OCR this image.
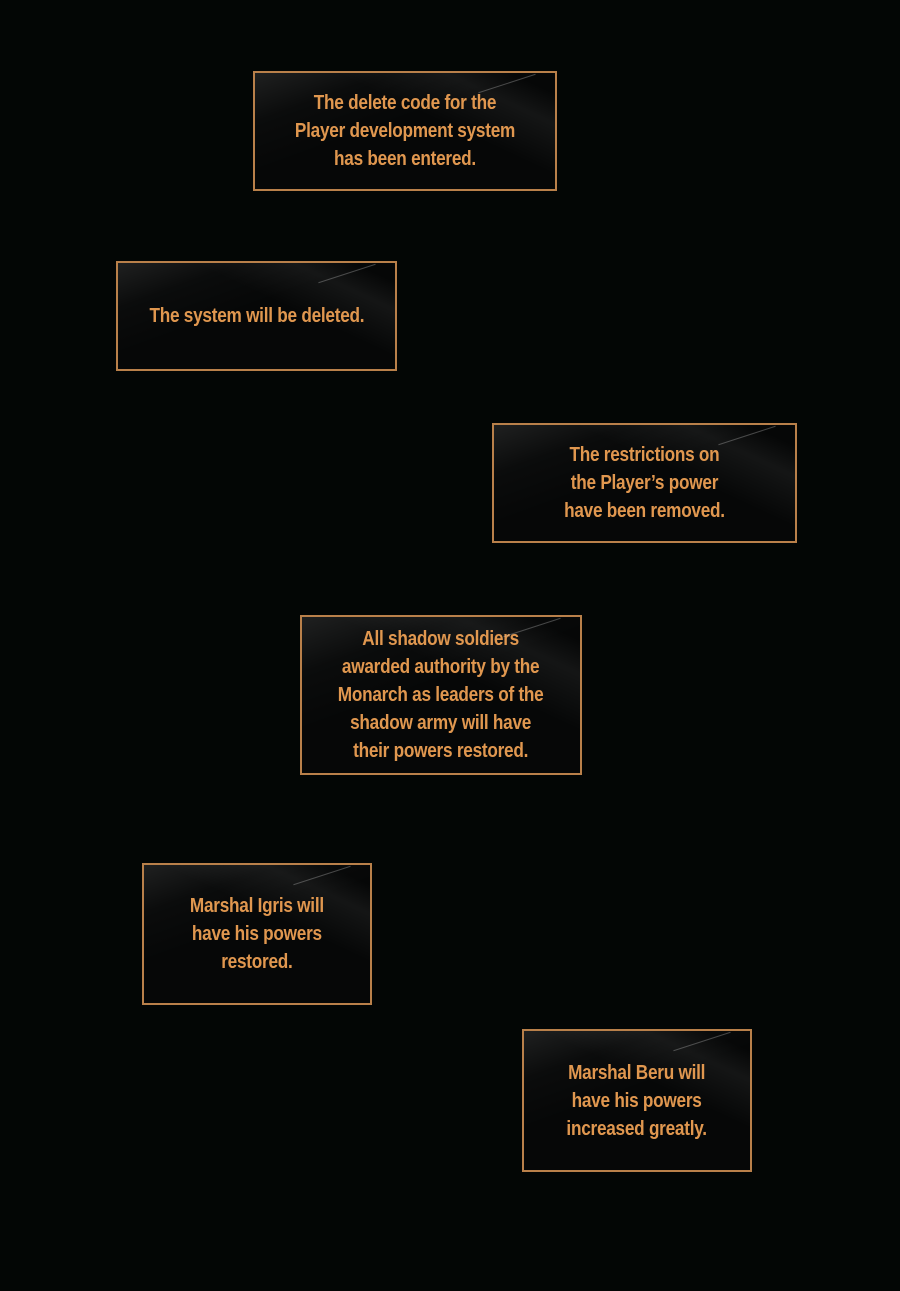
The delete code for the
Player development system
has been entered.
The system will be deleted.
The restrictions on
the Player’s power
have been removed.
All shadow soldiers
awarded authority by the
Monarch as leaders of the
shadow army will have
their powers restored.
Marshal Igris will
have his powers
restored.
Marshal Beru will
have his powers
increased greatly.
